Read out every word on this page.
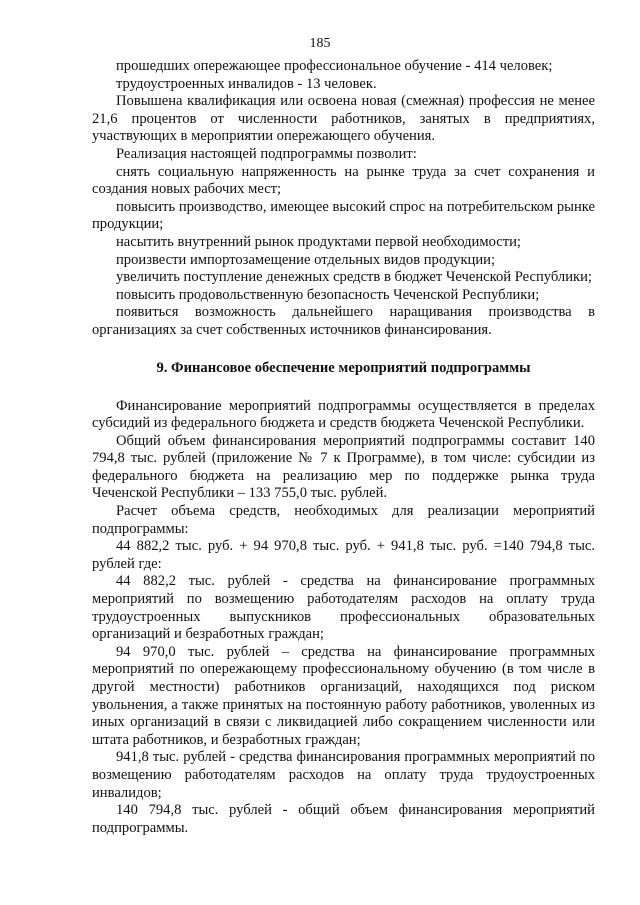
185

прошедших опережающее профессиональное обучение - 414 человек;

трудоустроенных инвалидов - 13 человек.

Повышена квалификация или освоена новая (смежная) профессия не менее 21,6 процентов от численности работников, занятых в предприятиях, участвующих в мероприятии опережающего обучения.

Реализация настоящей подпрограммы позволит:

снять социальную напряженность на рынке труда за счет сохранения и создания новых рабочих мест;

повысить производство, имеющее высокий спрос на потребительском рынке продукции;

насытить внутренний рынок продуктами первой необходимости;

произвести импортозамещение отдельных видов продукции;

увеличить поступление денежных средств в бюджет Чеченской Республики;

повысить продовольственную безопасность Чеченской Республики;

появиться возможность дальнейшего наращивания производства в организациях за счет собственных источников финансирования.

9. Финансовое обеспечение мероприятий подпрограммы

Финансирование мероприятий подпрограммы осуществляется в пределах субсидий из федерального бюджета и средств бюджета Чеченской Республики.

Общий объем финансирования мероприятий подпрограммы составит 140 794,8 тыс. рублей (приложение № 7 к Программе), в том числе: субсидии из федерального бюджета на реализацию мер по поддержке рынка труда Чеченской Республики – 133 755,0 тыс. рублей.

Расчет объема средств, необходимых для реализации мероприятий подпрограммы:

44 882,2 тыс. руб. + 94 970,8 тыс. руб. + 941,8 тыс. руб. =140 794,8 тыс. рублей где:

44 882,2 тыс. рублей - средства на финансирование программных мероприятий по возмещению работодателям расходов на оплату труда трудоустроенных выпускников профессиональных образовательных организаций и безработных граждан;

94 970,0 тыс. рублей – средства на финансирование программных мероприятий по опережающему профессиональному обучению (в том числе в другой местности) работников организаций, находящихся под риском увольнения, а также принятых на постоянную работу работников, уволенных из иных организаций в связи с ликвидацией либо сокращением численности или штата работников, и безработных граждан;

941,8 тыс. рублей - средства финансирования программных мероприятий по возмещению работодателям расходов на оплату труда трудоустроенных инвалидов;

140 794,8 тыс. рублей - общий объем финансирования мероприятий подпрограммы.
